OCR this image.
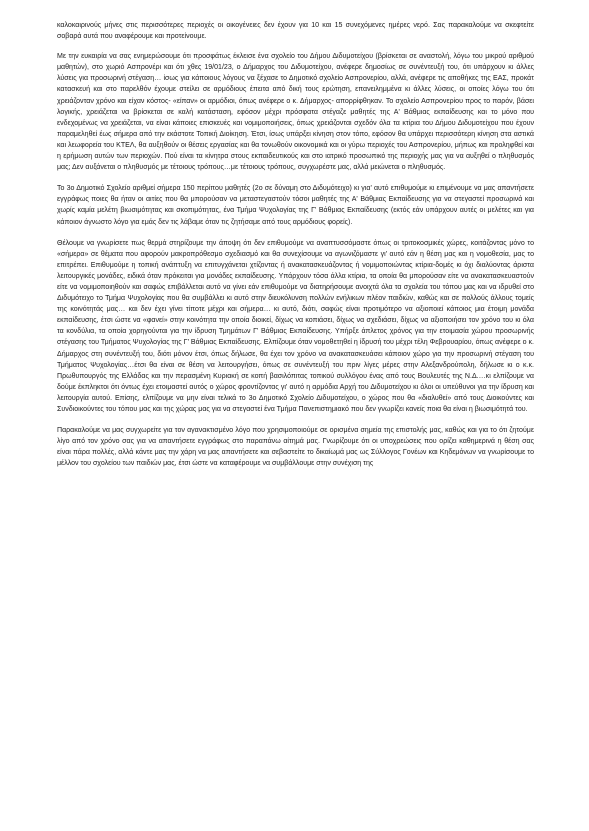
καλοκαιρινούς μήνες στις περισσότερες περιοχές οι οικογένειες δεν έχουν για 10 και 15 συνεχόμενες ημέρες νερό. Σας παρακαλούμε να σκεφτείτε σοβαρά αυτά που αναφέρουμε και προτείνουμε.

Με την ευκαιρία να σας ενημερώσουμε ότι προσφάτως έκλεισε ένα σχολείο του Δήμου Διδυμοτείχου (βρίσκεται σε αναστολή, λόγω του μικρού αριθμού μαθητών), στο χωριό Ασπρονέρι και ότι χθες 19/01/23, ο Δήμαρχος του Διδυμοτείχου, ανέφερε δημοσίως σε συνέντευξή του, ότι υπάρχουν κι άλλες λύσεις για προσωρινή στέγαση… ίσως για κάποιους λόγους να ξέχασε το Δημοτικό σχολείο Ασπρονερίου, αλλά, ανέφερε τις αποθήκες της ΕΑΣ, προκάτ κατασκευή και στο παρελθόν έχουμε στείλει σε αρμόδιους έπειτα από δική τους ερώτηση, επανειλημμένα κι άλλες λύσεις, οι οποίες λόγω του ότι χρειάζονταν χρόνο και είχαν κόστος- «είπαν» οι αρμόδιοι, όπως ανέφερε ο κ. Δήμαρχος- απορρίφθηκαν. Το σχολείο Ασπρονερίου προς το παρόν, βάσει λογικής, χρειάζεται να βρίσκεται σε καλή κατάσταση, εφόσον μέχρι πρόσφατα στέγαζε μαθητές της Α' Βάθμιας εκπαίδευσης και το μόνο που ενδεχομένως να χρειάζεται, να είναι κάποιες επισκευές και νομιμοποιήσεις, όπως χρειάζονται σχεδόν όλα τα κτίρια του Δήμου Διδυμοτείχου που έχουν παραμεληθεί έως σήμερα από την εκάστοτε Τοπική Διοίκηση. Έτσι, ίσως υπάρξει κίνηση στον τόπο, εφόσον θα υπάρχει περισσότερη κίνηση στα αστικά και λεωφορεία του ΚΤΕΛ, θα αυξηθούν οι θέσεις εργασίας και θα τονωθούν οικονομικά και οι γύρω περιοχές του Ασπρονερίου, μήπως και προληφθεί και η ερήμωση αυτών των περιοχών. Πού είναι τα κίνητρα στους εκπαιδευτικούς και στο ιατρικό προσωπικό της περιοχής μας για να αυξηθεί ο πληθυσμός μας; Δεν αυξάνεται ο πληθυσμός με τέτοιους τρόπους…με τέτοιους τρόπους, συγχωρέστε μας, αλλά μειώνεται ο πληθυσμός.

Το 3ο Δημοτικό Σχολείο αριθμεί σήμερα 150 περίπου μαθητές (2ο σε δύναμη στο Διδυμότειχο) κι για' αυτό επιθυμούμε κι επιμένουμε να μας απαντήσετε εγγράφως ποιες θα ήταν οι αιτίες που θα μπορούσαν να μεταστεγαστούν τόσοι μαθητές της Α' Βάθμιας Εκπαίδευσης για να στεγαστεί προσωρινά και χωρίς καμία μελέτη βιωσιμότητας και σκοπιμότητας, ένα Τμήμα Ψυχολογίας της Γ' Βάθμιας Εκπαίδευσης (εκτός εάν υπάρχουν αυτές οι μελέτες και για κάποιον άγνωστο λόγο για εμάς δεν τις λάβαμε όταν τις ζητήσαμε από τους αρμόδιους φορείς).

Θέλουμε να γνωρίσετε πως θερμά στηρίζουμε την άποψη ότι δεν επιθυμούμε να αναπτυσσόμαστε όπως οι τριτοκοσμικές χώρες, κοιτάζοντας μόνο το «σήμερα» σε θέματα που αφορούν μακροπρόθεσμο σχεδιασμό και θα συνεχίσουμε να αγωνιζόμαστε γι' αυτό εάν η θέση μας και η νομοθεσία, μας το επιτρέπει. Επιθυμούμε η τοπική ανάπτυξη να επιτυγχάνεται χτίζοντας ή ανακατασκευάζοντας ή νομιμοποιώντας κτίρια-δομές κι όχι διαλύοντας άριστα λειτουργικές μονάδες, ειδικά όταν πρόκειται για μονάδες εκπαίδευσης. Υπάρχουν τόσα άλλα κτίρια, τα οποία θα μπορούσαν είτε να ανακατασκευαστούν είτε να νομιμοποιηθούν και σαφώς επιβάλλεται αυτό να γίνει εάν επιθυμούμε να διατηρήσουμε ανοιχτά όλα τα σχολεία του τόπου μας και να ιδρυθεί στο Διδυμότειχο το Τμήμα Ψυχολογίας που θα συμβάλλει κι αυτό στην διευκόλυνση πολλών ενήλικων πλέον παιδιών, καθώς και σε πολλούς άλλους τομείς της κοινότητάς μας… και δεν έχει γίνει τίποτε μέχρι και σήμερα… κι αυτό, διότι, σαφώς είναι προτιμότερο να αξιοποιεί κάποιος μια έτοιμη μονάδα εκπαίδευσης, έτσι ώστε να «φανεί» στην κοινότητα την οποία διοικεί, δίχως να κοπιάσει, δίχως να σχεδιάσει, δίχως να αξιοποιήσει τον χρόνο του κι όλα τα κονδύλια, τα οποία χορηγούνται για την ίδρυση Τμημάτων Γ' Βάθμιας Εκπαίδευσης. Υπήρξε άπλετος χρόνος για την ετοιμασία χώρου προσωρινής στέγασης του Τμήματος Ψυχολογίας της Γ' Βάθμιας Εκπαίδευσης. Ελπίζουμε όταν νομοθετηθεί η ίδρυσή του μέχρι τέλη Φεβρουαρίου, όπως ανέφερε ο κ. Δήμαρχος στη συνέντευξή του, διότι μόνον έτσι, όπως δήλωσε, θα έχει τον χρόνο να ανακατασκευάσει κάποιον χώρο για την προσωρινή στέγαση του Τμήματος Ψυχολογίας…έτσι θα είναι σε θέση να λειτουργήσει, όπως σε συνέντευξή του πριν λίγες μέρες στην Αλεξανδρούπολη, δήλωσε κι ο κ.κ. Πρωθυπουργός της Ελλάδας και την περασμένη Κυριακή σε κοπή βασιλόπιτας τοπικού συλλόγου ένας από τους Βουλευτές της Ν.Δ.…κι ελπίζουμε να δούμε έκπληκτοι ότι όντως έχει ετοιμαστεί αυτός ο χώρος φροντίζοντας γι' αυτό η αρμόδια Αρχή του Διδυμοτείχου κι όλοι οι υπεύθυνοι για την ίδρυση και λειτουργία αυτού. Επίσης, ελπίζουμε να μην είναι τελικά το 3ο Δημοτικό Σχολείο Διδυμοτείχου, ο χώρος που θα «διαλυθεί» από τους Διοικούντες και Συνδιοικούντες του τόπου μας και της χώρας μας για να στεγαστεί ένα Τμήμα Πανεπιστημιακό που δεν γνωρίζει κανείς ποια θα είναι η βιωσιμότητά του.

Παρακαλούμε να μας συγχωρείτε για τον αγανακτισμένο λόγο που χρησιμοποιούμε σε ορισμένα σημεία της επιστολής μας, καθώς και για το ότι ζητούμε λίγο από τον χρόνο σας για να απαντήσετε εγγράφως στο παραπάνω αίτημά μας. Γνωρίζουμε ότι οι υποχρεώσεις που ορίζει καθημερινά η θέση σας είναι πάρα πολλές, αλλά κάντε μας την χάρη να μας απαντήσετε και σεβαστείτε το δικαίωμά μας ως Σύλλογος Γονέων και Κηδεμόνων να γνωρίσουμε το μέλλον του σχολείου των παιδιών μας, έτσι ώστε να καταφέρουμε να συμβάλλουμε στην συνέχιση της
